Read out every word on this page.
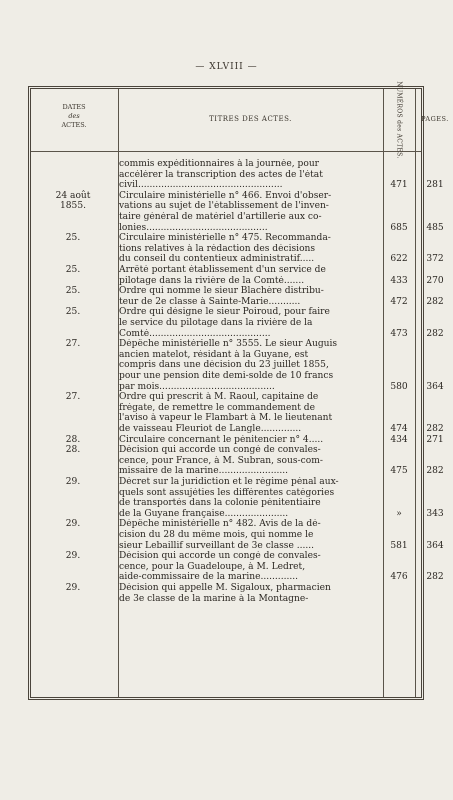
— XLVIII —
DATES
des
ACTES.
TITRES DES ACTES.	NUMÉROS des ACTES.	PAGES.
commis expéditionnaires à la journée, pour
accélérer la transcription des actes de l'état
civil..................................................	471	281
24 août
1855.
Circulaire ministérielle n° 466. Envoi d'obser-
vations au sujet de l'établissement de l'inven-
taire général de matériel d'artillerie aux co-
lonies..........................................	685	485
25.	Circulaire ministérielle n° 475. Recommanda-
tions relatives à la rédaction des décisions
du conseil du contentieux administratif.....	622	372
25.	Arrêté portant établissement d'un service de
pilotage dans la rivière de la Comté.......	433	270
25.	Ordre qui nomme le sieur Blachère distribu-
teur de 2e classe à Sainte-Marie...........	472	282
25.	Ordre qui désigne le sieur Poiroud, pour faire
le service du pilotage dans la rivière de la
Comté..........................................	473	282
27.	Dépêche ministérielle n° 3555. Le sieur Auguis
ancien matelot, résidant à la Guyane, est
compris dans une décision du 23 juillet 1855,
pour une pension dite demi-solde de 10 francs
par mois........................................	580	364
27.	Ordre qui prescrit à M. Raoul, capitaine de
frégate, de remettre le commandement de
l'aviso à vapeur le Flambart à M. le lieutenant
de vaisseau Fleuriot de Langle..............	474	282
28.	Circulaire concernant le pénitencier n° 4.....	434	271
28.	Décision qui accorde un congé de convales-
cence, pour France, à M. Subran, sous-com-
missaire de la marine........................	475	282
29.	Décret sur la juridiction et le régime pénal aux-
quels sont assujéties les différentes catégories
de transportés dans la colonie pénitentiaire
de la Guyane française......................	»	343
29.	Dépêche ministérielle n° 482. Avis de la dé-
cision du 28 du même mois, qui nomme le
sieur Lebaillif surveillant de 3e classe ......	581	364
29.	Décision qui accorde un congé de convales-
cence, pour la Guadeloupe, à M. Ledret,
aide-commissaire de la marine.............	476	282
29.	Décision qui appelle M. Sigaloux, pharmacien
de 3e classe de la marine à la Montagne-
